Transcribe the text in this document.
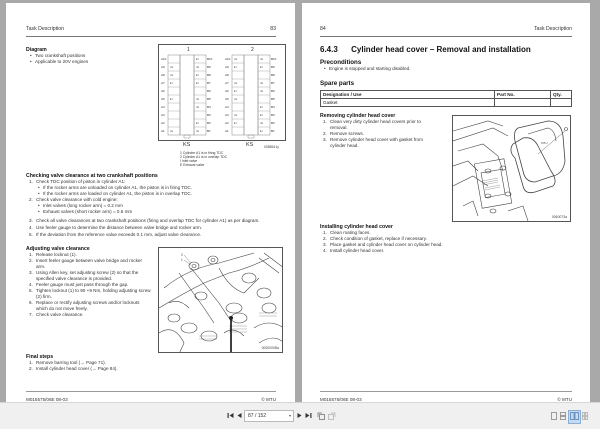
Task Description	83
Diagram
• Two crankshaft positions
• Applicable to 20V engines
1
A10
A9
A8
A7
A6
A5
A4
A3
A2
A1
B10
B9
B8
B7
B6
B5
B4
B3
B2
B1
I E
I E
E I
E I
I E
E I
I E
E I
E I
I E
I E
E I
I E
2
A10
A9
A8
A7
A6
A5
A4
A3
A2
A1
B10
B9
B8
B7
B6
B5
B4
B3
B2
B1
I E
E I
I E
E I
I E
I E
E I
I E
E I
I E
I E
E I
E I
I E
E I
KS	KS	0088541y
1 Cylinder A1 is in firing TDC
2 Cylinder A1 is in overlap TDC
I Inlet valve
E Exhaust valve
Checking valve clearance at two crankshaft positions
1. Check TDC position of piston in cylinder A1:
• If the rocker arms are unloaded on cylinder A1, the piston is in firing TDC.
• If the rocker arms are loaded on cylinder A1, the piston is in overlap TDC.
2. Check valve clearance with cold engine:
• Inlet valves (long rocker arm) = 0.2 mm
• Exhaust valves (short rocker arm) = 0.5 mm
3. Check all valve clearances at two crankshaft positions (firing and overlap TDC for cylinder A1) as per diagram.
4. Use feeler gauge to determine the distance between valve bridge and rocker arm.
5. If the deviation from the reference value exceeds 0.1 mm, adjust valve clearance.
Adjusting valve clearance
1. Release locknut (1).
2. Insert feeler gauge between valve bridge and rocker arm.
3. Using Allen key, set adjusting screw (2) so that the specified valve clearance is provided.
4. Feeler gauge must just pass through the gap.
5. Tighten locknut (1) to 90 +9 Nm, holding adjusting screw (2) firm.
6. Replace or rectify adjusting screws and/or locknuts which do not move freely.
7. Check valve clearance.
2
1
0000000Ba
Final steps
1. Remove barring tool (→ Page 71).
2. Install cylinder head cover (→ Page 84).
M015575/06E 08-03	© MTU
84	Task Description
6.4.3      Cylinder head cover – Removal and installation
Preconditions
• Engine is stopped and starting disabled.
Spare parts
Designation / Use	Part No.	Qty.
Gasket		
Removing cylinder head cover
1. Clean very dirty cylinder head covers prior to removal.
2. Remove screws.
3. Remove cylinder head cover with gasket from cylinder head.	MTU
0060073a
Installing cylinder head cover
1. Clean mating faces.
2. Check condition of gasket, replace if necessary.
3. Place gasket and cylinder head cover on cylinder head.
4. Install cylinder head cover.
M015575/06E 08-03	© MTU
87 / 152	▾
